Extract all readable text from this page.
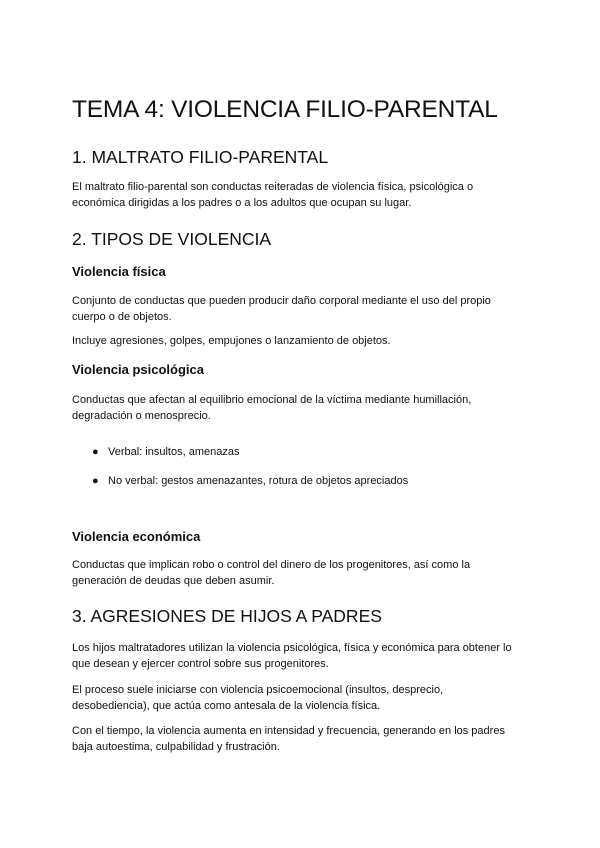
TEMA 4: VIOLENCIA FILIO-PARENTAL
1. MALTRATO FILIO-PARENTAL

El maltrato filio-parental son conductas reiteradas de violencia física, psicológica o económica dirigidas a los padres o a los adultos que ocupan su lugar.

2. TIPOS DE VIOLENCIA
Violencia física

Conjunto de conductas que pueden producir daño corporal mediante el uso del propio cuerpo o de objetos.

Incluye agresiones, golpes, empujones o lanzamiento de objetos.

Violencia psicológica

Conductas que afectan al equilibrio emocional de la víctima mediante humillación, degradación o menosprecio.

● Verbal: insultos, amenazas

● No verbal: gestos amenazantes, rotura de objetos apreciados

Violencia económica

Conductas que implican robo o control del dinero de los progenitores, así como la generación de deudas que deben asumir.

3. AGRESIONES DE HIJOS A PADRES

Los hijos maltratadores utilizan la violencia psicológica, física y económica para obtener lo que desean y ejercer control sobre sus progenitores.

El proceso suele iniciarse con violencia psicoemocional (insultos, desprecio, desobediencia), que actúa como antesala de la violencia física.

Con el tiempo, la violencia aumenta en intensidad y frecuencia, generando en los padres baja autoestima, culpabilidad y frustración.
